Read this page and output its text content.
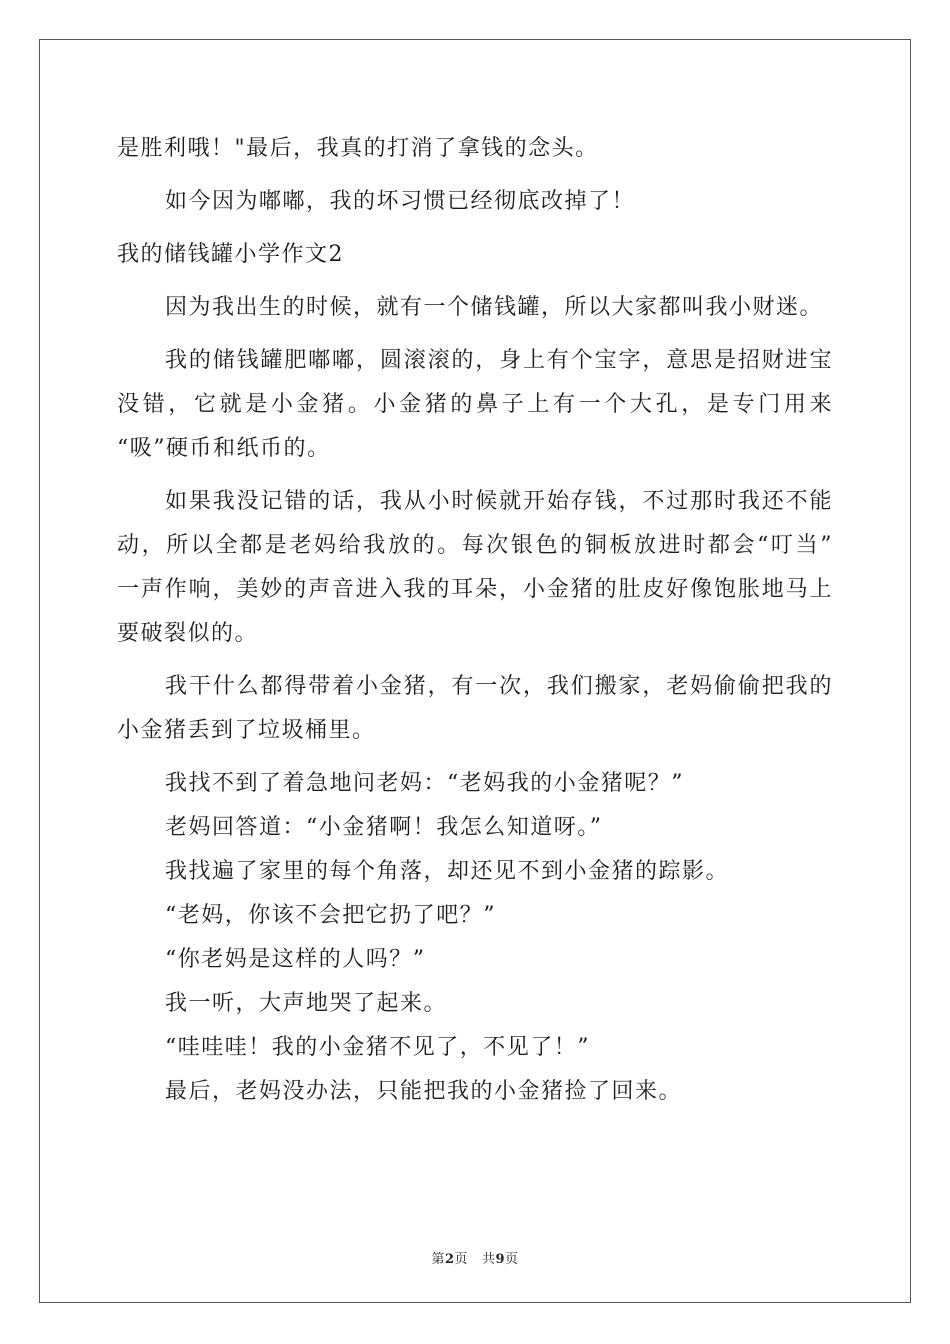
是胜利哦！"最后，我真的打消了拿钱的念头。
如今因为嘟嘟，我的坏习惯已经彻底改掉了！
我的储钱罐小学作文2
因为我出生的时候，就有一个储钱罐，所以大家都叫我小财迷。
我的储钱罐肥嘟嘟，圆滚滚的，身上有个宝字，意思是招财进宝
没错，它就是小金猪。小金猪的鼻子上有一个大孔，是专门用来
“吸”硬币和纸币的。
如果我没记错的话，我从小时候就开始存钱，不过那时我还不能
动，所以全都是老妈给我放的。每次银色的铜板放进时都会“叮当”
一声作响，美妙的声音进入我的耳朵，小金猪的肚皮好像饱胀地马上
要破裂似的。
我干什么都得带着小金猪，有一次，我们搬家，老妈偷偷把我的
小金猪丢到了垃圾桶里。
我找不到了着急地问老妈：“老妈我的小金猪呢？”
老妈回答道：“小金猪啊！我怎么知道呀。”
我找遍了家里的每个角落，却还见不到小金猪的踪影。
“老妈，你该不会把它扔了吧？”
“你老妈是这样的人吗？”
我一听，大声地哭了起来。
“哇哇哇！我的小金猪不见了，不见了！”
最后，老妈没办法，只能把我的小金猪捡了回来。
第2页 共9页
